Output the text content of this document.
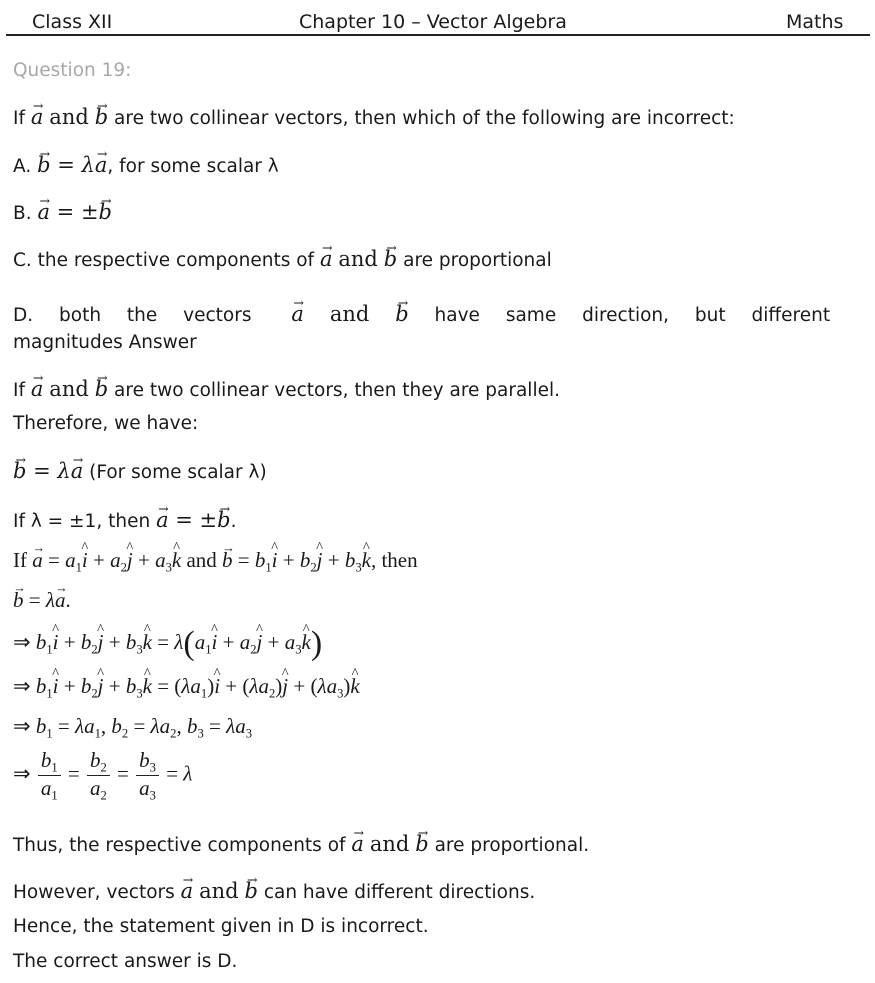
Class XII	Chapter 10 – Vector Algebra	Maths
Question 19:
If → a and → b are two collinear vectors, then which of the following are incorrect:
A. → b = λ→ a, for some scalar λ
B. → a = ±→ b
C. the respective components of → a and → b are proportional
D. both the vectors → a and → b have same direction, but different
magnitudes Answer
If → a and → b are two collinear vectors, then they are parallel.
Therefore, we have:
→ b = λ→ a (For some scalar λ)
If λ = ±1, then → a = ±→ b.
$If \to a = a_1\^{}$ $i + a_2\^{}$ $j + a_3\^{}$ k and → $b = b_1\^{}$ $i + b_2\^{}$ $j + b_3\^{}$ k, then
→ b = λ→ a.
⇒ $b_1\^{}$ $i + b_2\^{}$ $j + b_3\^{}$ $k = \lambda(a_1\^{}$ $i + a_2\^{}$ $j + a_3\^{}$ k)
⇒ $b_1\^{}$ $i + b_2\^{}$ $j + b_3\^{}$ $k = (\lambda a_1)\^{}$ $i + (\lambda a_2)\^{}$ $j + (\lambda a_3)\^{}$ k
⇒ $b_1 = \lambda a_1$, $b_2 = \lambda a_2$, $b_3 = \lambda a_3$
⇒ $\frac{b_1}{a_1} = \frac{b_2}{a_2} = \frac{b_3}{a_3} = \lambda$
Thus, the respective components of → a and → b are proportional.
However, vectors → a and → b can have different directions.
Hence, the statement given in D is incorrect.
The correct answer is D.
